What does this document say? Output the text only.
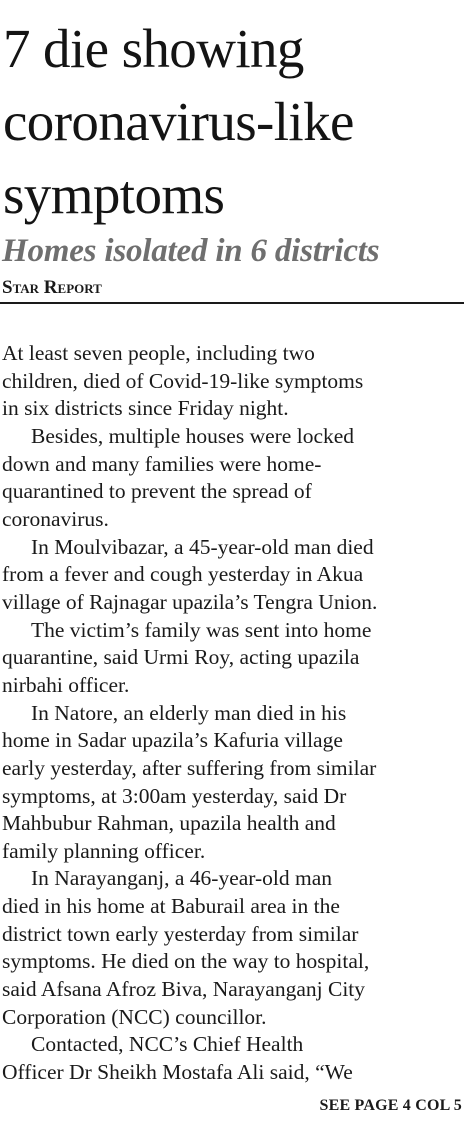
7 die showing
coronavirus-like
symptoms
Homes isolated in 6 districts
Star Report
At least seven people, including two
children, died of Covid-19-like symptoms
in six districts since Friday night.
Besides, multiple houses were locked
down and many families were home-
quarantined to prevent the spread of
coronavirus.
In Moulvibazar, a 45-year-old man died
from a fever and cough yesterday in Akua
village of Rajnagar upazila’s Tengra Union.
The victim’s family was sent into home
quarantine, said Urmi Roy, acting upazila
nirbahi officer.
In Natore, an elderly man died in his
home in Sadar upazila’s Kafuria village
early yesterday, after suffering from similar
symptoms, at 3:00am yesterday, said Dr
Mahbubur Rahman, upazila health and
family planning officer.
In Narayanganj, a 46-year-old man
died in his home at Baburail area in the
district town early yesterday from similar
symptoms. He died on the way to hospital,
said Afsana Afroz Biva, Narayanganj City
Corporation (NCC) councillor.
Contacted, NCC’s Chief Health
Officer Dr Sheikh Mostafa Ali said, “We
SEE PAGE 4 COL 5
